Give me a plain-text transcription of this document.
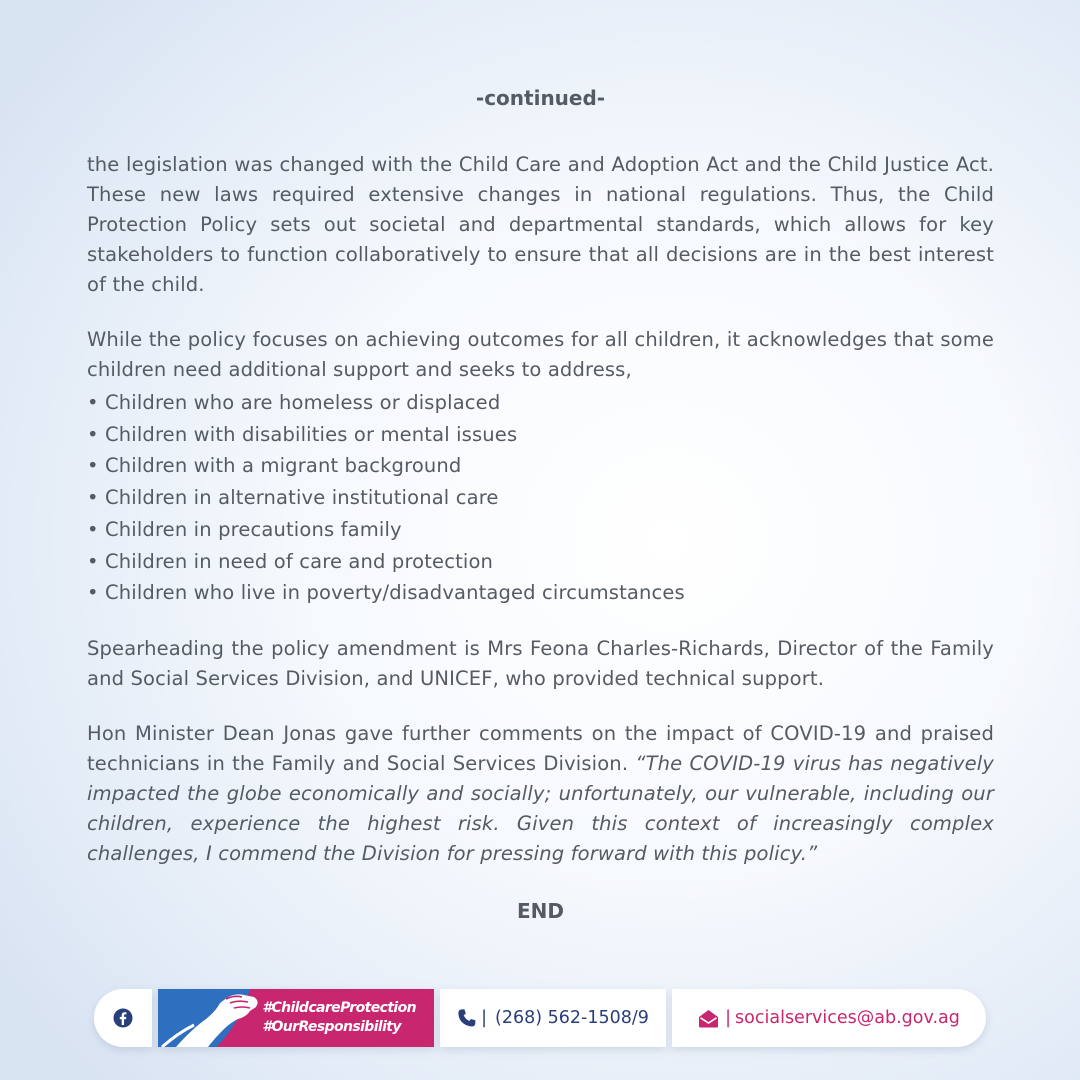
-continued-

the legislation was changed with the Child Care and Adoption Act and the Child Justice Act. These new laws required extensive changes in national regulations. Thus, the Child Protection Policy sets out societal and departmental standards, which allows for key stakeholders to function collaboratively to ensure that all decisions are in the best interest of the child.

While the policy focuses on achieving outcomes for all children, it acknowledges that some children need additional support and seeks to address,

• Children who are homeless or displaced
• Children with disabilities or mental issues
• Children with a migrant background
• Children in alternative institutional care
• Children in precautions family
• Children in need of care and protection
• Children who live in poverty/disadvantaged circumstances

Spearheading the policy amendment is Mrs Feona Charles-Richards, Director of the Family and Social Services Division, and UNICEF, who provided technical support.

Hon Minister Dean Jonas gave further comments on the impact of COVID-19 and praised technicians in the Family and Social Services Division. “The COVID-19 virus has negatively impacted the globe economically and socially; unfortunately, our vulnerable, including our children, experience the highest risk. Given this context of increasingly complex challenges, I commend the Division for pressing forward with this policy.”

END
#ChildcareProtection
#OurResponsibility	| (268) 562-1508/9	| socialservices@ab.gov.ag
